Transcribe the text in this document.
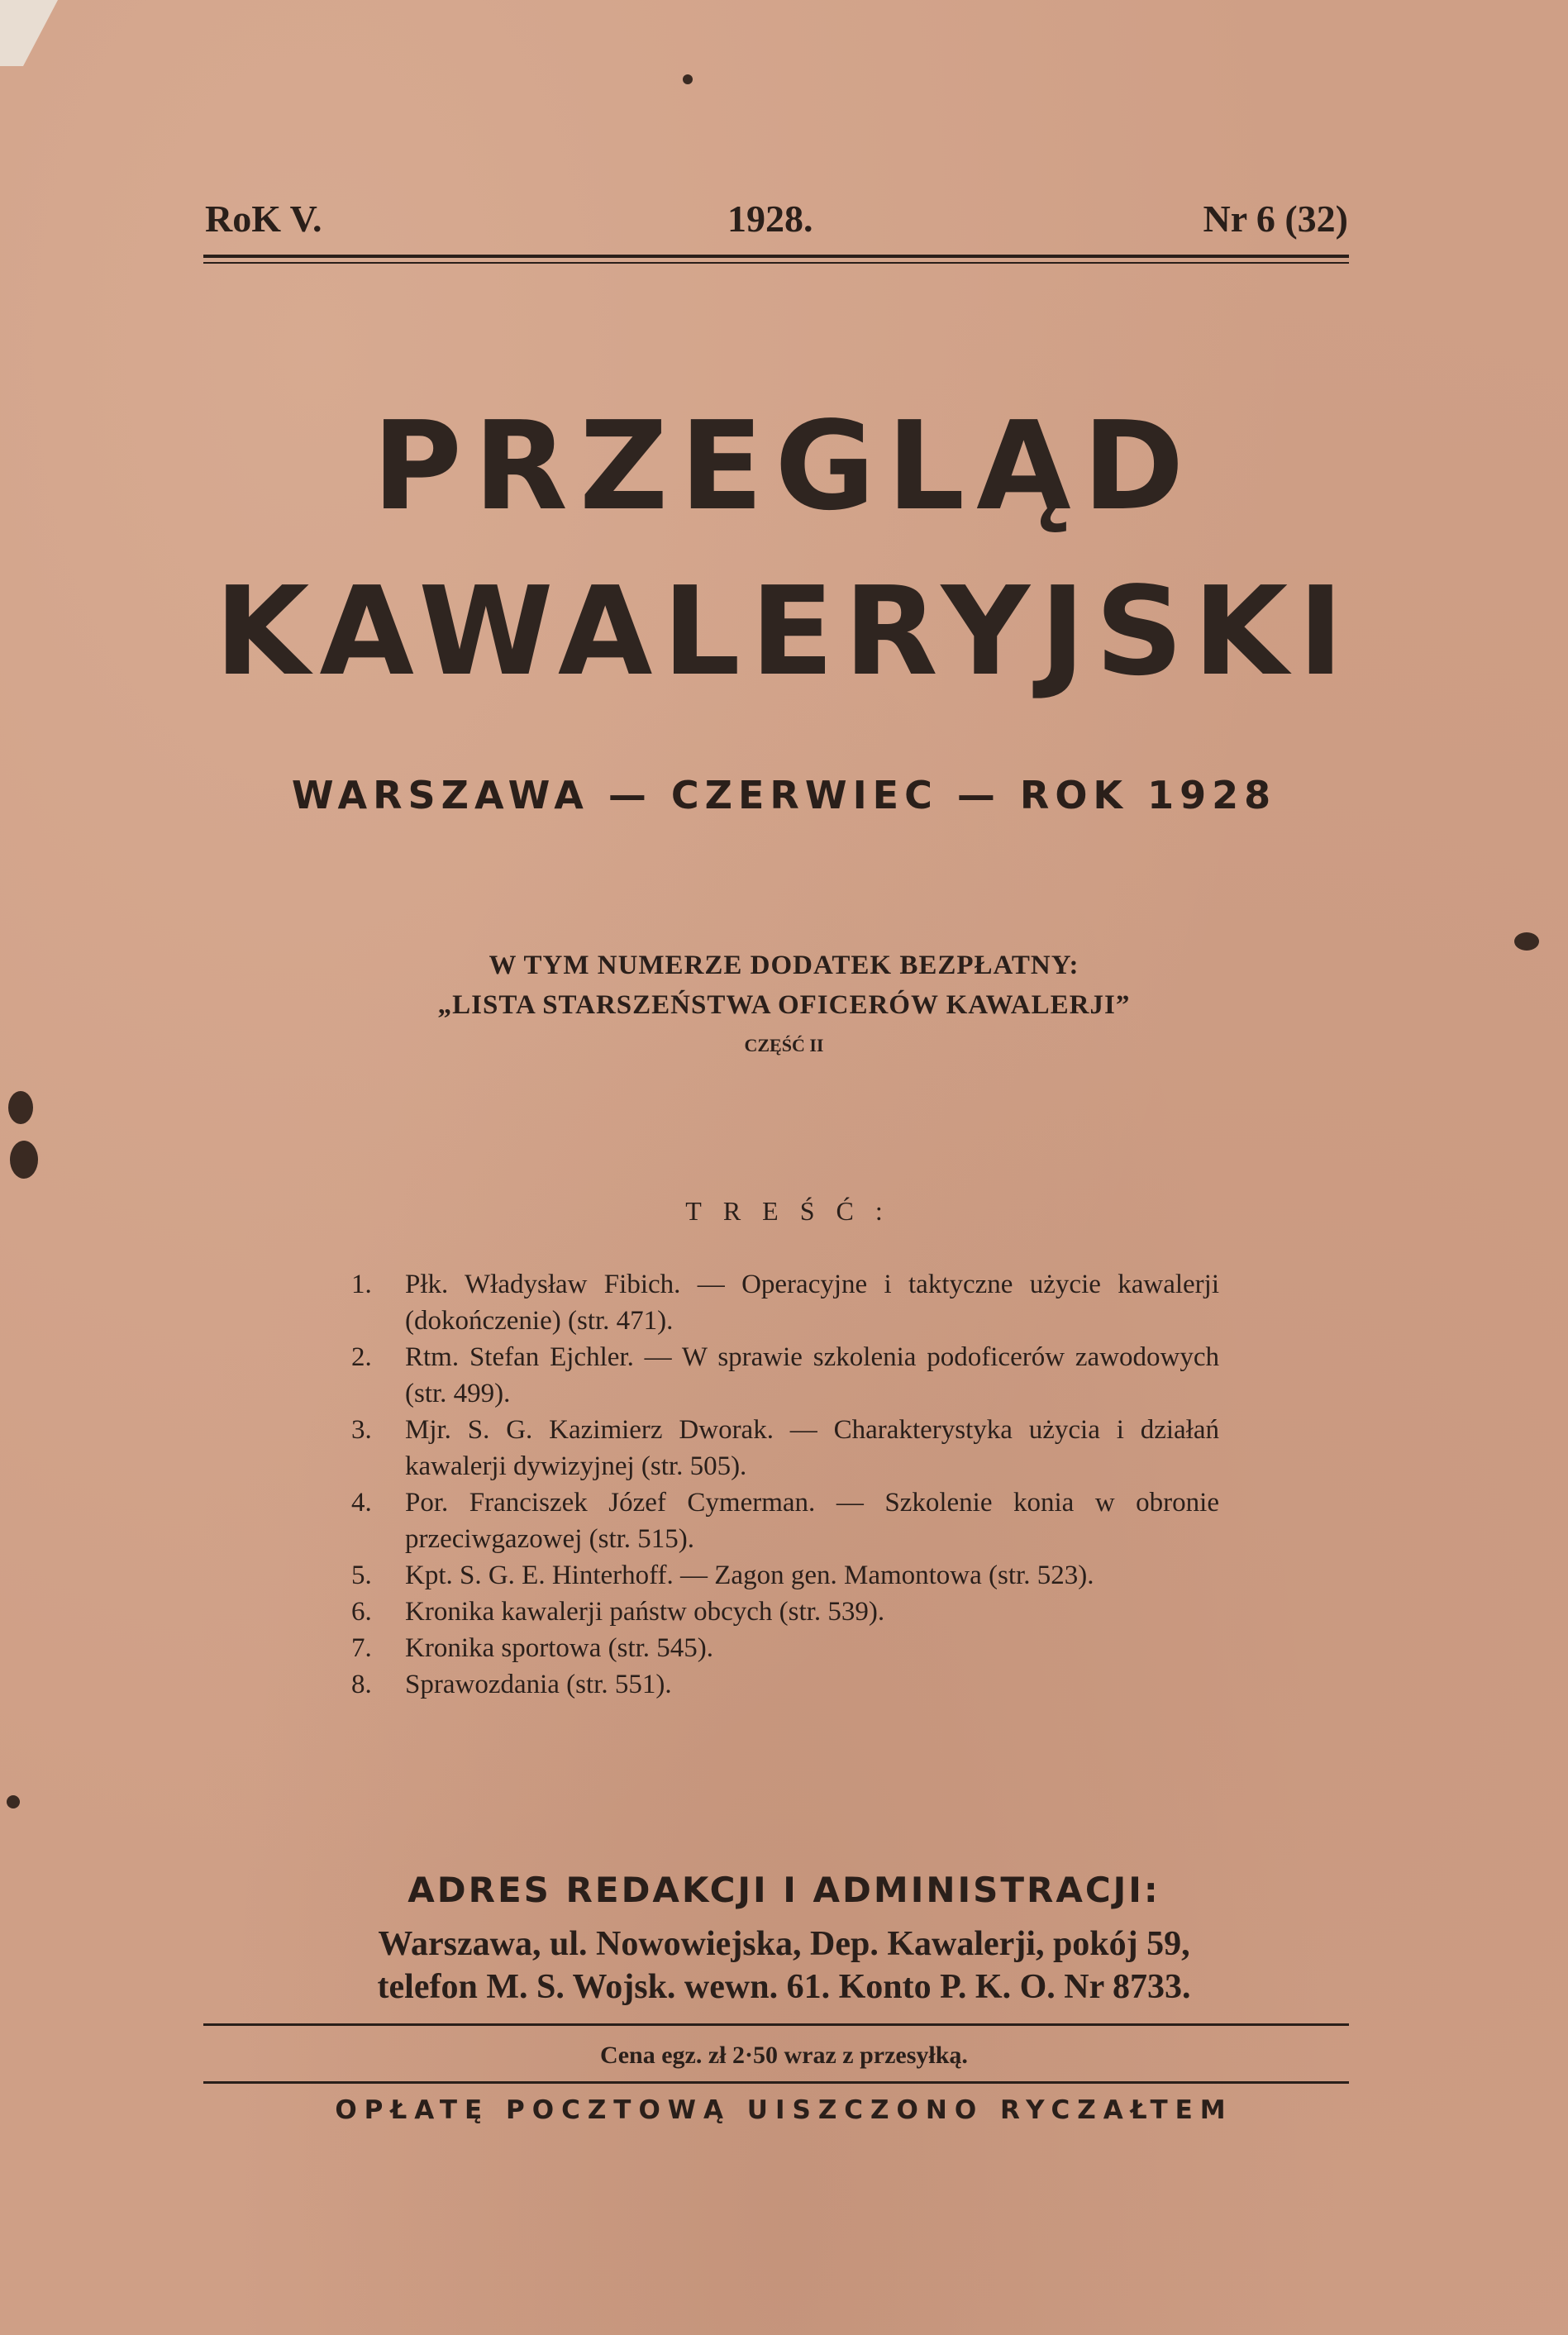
RoK V.	1928.	Nr 6 (32)
PRZEGLĄD
KAWALERYJSKI
WARSZAWA — CZERWIEC — ROK 1928
W TYM NUMERZE DODATEK BEZPŁATNY:
„LISTA STARSZEŃSTWA OFICERÓW KAWALERJI”
CZĘŚĆ II
TREŚĆ:
1.	Płk. Władysław Fibich. — Operacyjne i taktyczne użycie kawalerji (dokończenie) (str. 471).
2.	Rtm. Stefan Ejchler. — W sprawie szkolenia podoficerów zawodowych (str. 499).
3.	Mjr. S. G. Kazimierz Dworak. — Charakterystyka użycia i działań kawalerji dywizyjnej (str. 505).
4.	Por. Franciszek Józef Cymerman. — Szkolenie konia w obronie przeciwgazowej (str. 515).
5.	Kpt. S. G. E. Hinterhoff. — Zagon gen. Mamontowa (str. 523).
6.	Kronika kawalerji państw obcych (str. 539).
7.	Kronika sportowa (str. 545).
8.	Sprawozdania (str. 551).
ADRES REDAKCJI I ADMINISTRACJI:
Warszawa, ul. Nowowiejska, Dep. Kawalerji, pokój 59,
telefon M. S. Wojsk. wewn. 61. Konto P. K. O. Nr 8733.
Cena egz. zł 2·50 wraz z przesyłką.
OPŁATĘ POCZTOWĄ UISZCZONO RYCZAŁTEM
